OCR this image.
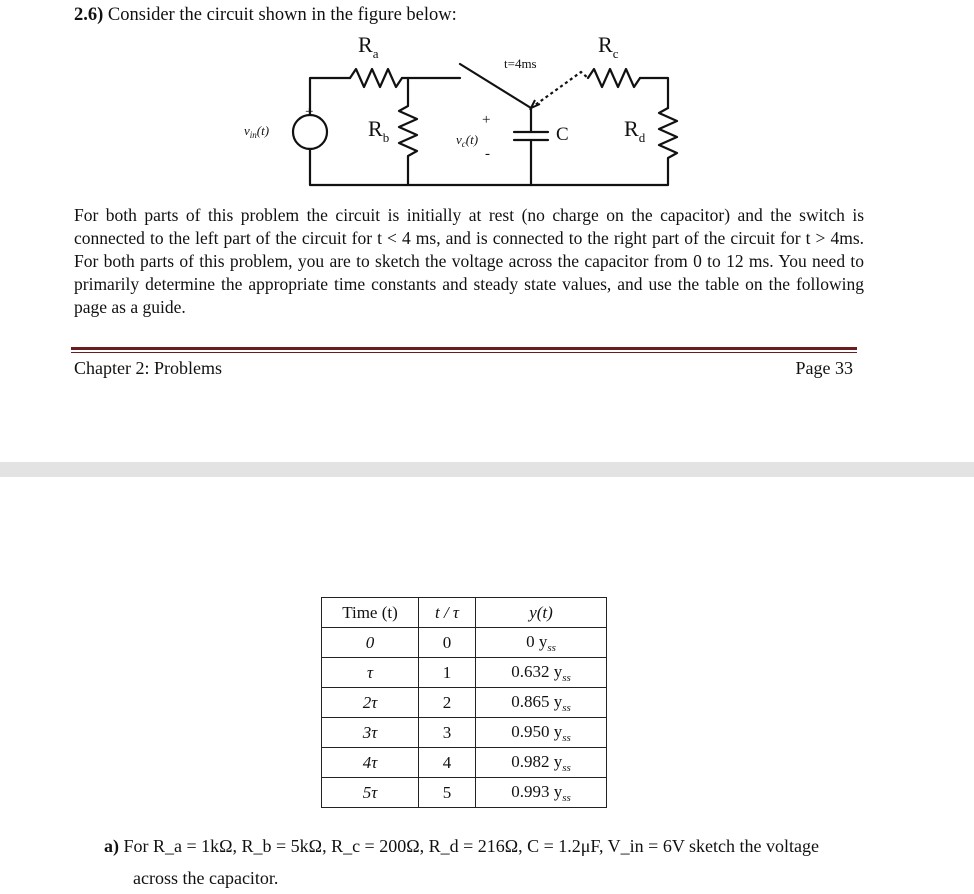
2.6) Consider the circuit shown in the figure below:
$R_a$	$R_c$
$R_b$	$R_d$
t=4ms
C
$v_{in}(t)$
$v_c(t)$
+
-
+
-
For both parts of this problem the circuit is initially at rest (no charge on the capacitor) and the switch is connected to the left part of the circuit for t < 4 ms, and is connected to the right part of the circuit for t > 4ms. For both parts of this problem, you are to sketch the voltage across the capacitor from 0 to 12 ms. You need to primarily determine the appropriate time constants and steady state values, and use the table on the following page as a guide.
Chapter 2: Problems	Page 33
Time (t)	t / τ	y(t)
0	0	0 $y_{ss}$
τ	1	0.632 $y_{ss}$
2τ	2	0.865 $y_{ss}$
3τ	3	0.950 $y_{ss}$
4τ	4	0.982 $y_{ss}$
5τ	5	0.993 $y_{ss}$
a) For R_a = 1kΩ, R_b = 5kΩ, R_c = 200Ω, R_d = 216Ω, C = 1.2μF, V_in = 6V sketch the voltage
across the capacitor.
